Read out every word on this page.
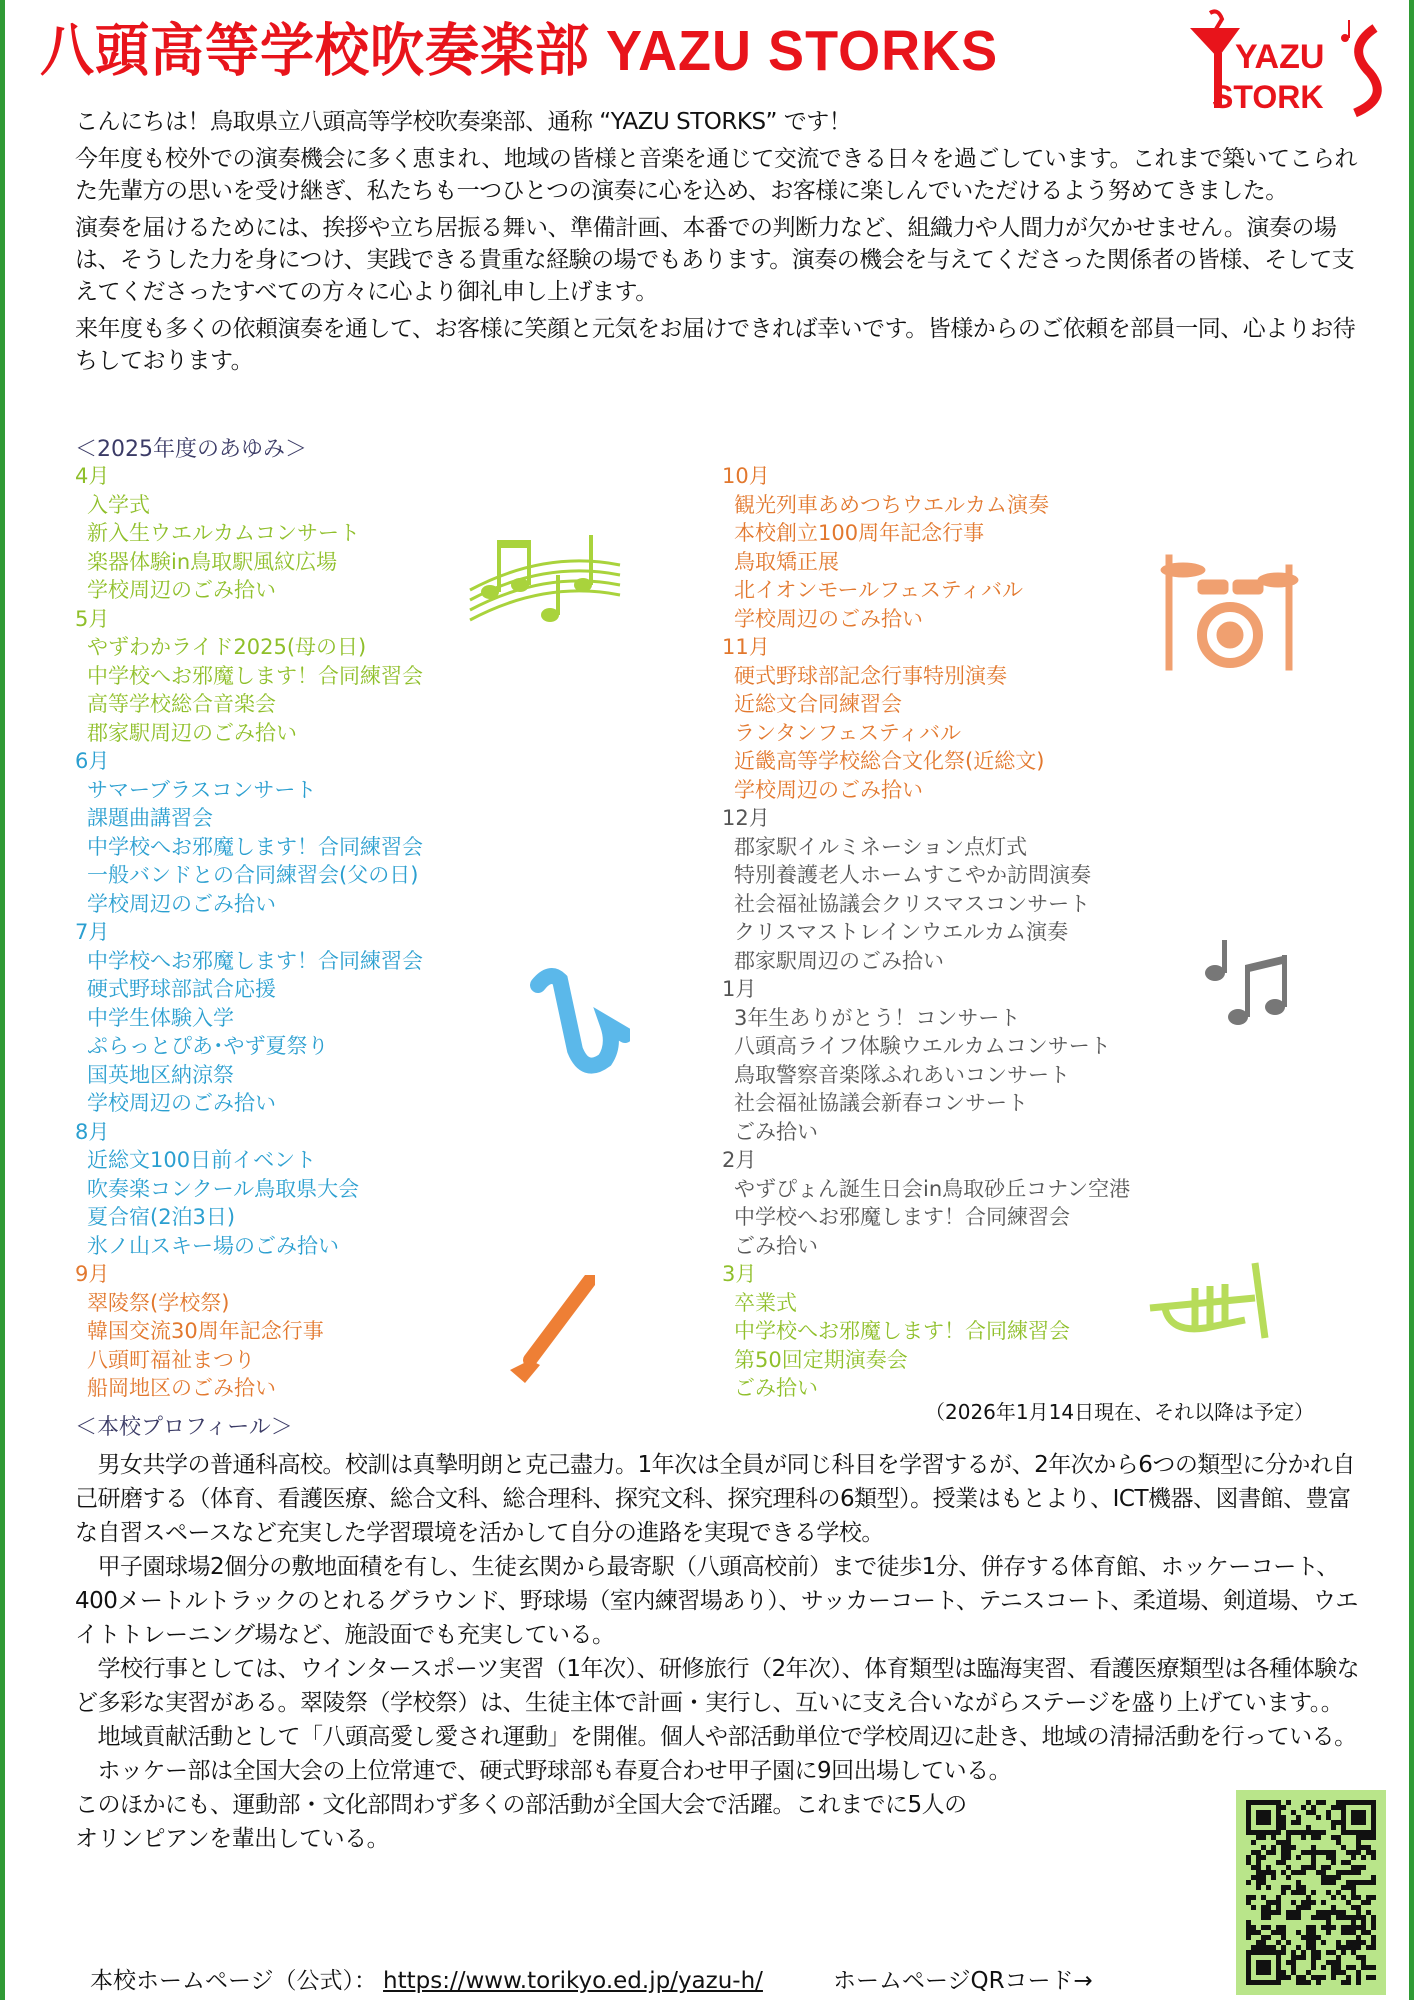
八頭高等学校吹奏楽部 YAZU STORKS	YAZU
STORK

こんにちは！鳥取県立八頭高等学校吹奏楽部、通称 “YAZU STORKS” です！

今年度も校外での演奏機会に多く恵まれ、地域の皆様と音楽を通じて交流できる日々を過ごしています。これまで築いてこられた先輩方の思いを受け継ぎ、私たちも一つひとつの演奏に心を込め、お客様に楽しんでいただけるよう努めてきました。

演奏を届けるためには、挨拶や立ち居振る舞い、準備計画、本番での判断力など、組織力や人間力が欠かせません。演奏の場は、そうした力を身につけ、実践できる貴重な経験の場でもあります。演奏の機会を与えてくださった関係者の皆様、そして支えてくださったすべての方々に心より御礼申し上げます。

来年度も多くの依頼演奏を通して、お客様に笑顔と元気をお届けできれば幸いです。皆様からのご依頼を部員一同、心よりお待ちしております。

＜2025年度のあゆみ＞
4月
入学式
新入生ウエルカムコンサート
楽器体験in鳥取駅風紋広場
学校周辺のごみ拾い
5月
やずわかライド2025(母の日)
中学校へお邪魔します！合同練習会
高等学校総合音楽会
郡家駅周辺のごみ拾い
6月
サマーブラスコンサート
課題曲講習会
中学校へお邪魔します！合同練習会
一般バンドとの合同練習会(父の日)
学校周辺のごみ拾い
7月
中学校へお邪魔します！合同練習会
硬式野球部試合応援
中学生体験入学
ぷらっとぴあ･やず夏祭り
国英地区納涼祭
学校周辺のごみ拾い
8月
近総文100日前イベント
吹奏楽コンクール鳥取県大会
夏合宿(2泊3日)
氷ノ山スキー場のごみ拾い
9月
翠陵祭(学校祭)
韓国交流30周年記念行事
八頭町福祉まつり
船岡地区のごみ拾い
10月
観光列車あめつちウエルカム演奏
本校創立100周年記念行事
鳥取矯正展
北イオンモールフェスティバル
学校周辺のごみ拾い
11月
硬式野球部記念行事特別演奏
近総文合同練習会
ランタンフェスティバル
近畿高等学校総合文化祭(近総文)
学校周辺のごみ拾い
12月
郡家駅イルミネーション点灯式
特別養護老人ホームすこやか訪問演奏
社会福祉協議会クリスマスコンサート
クリスマストレインウエルカム演奏
郡家駅周辺のごみ拾い
1月
3年生ありがとう！コンサート
八頭高ライフ体験ウエルカムコンサート
鳥取警察音楽隊ふれあいコンサート
社会福祉協議会新春コンサート
ごみ拾い
2月
やずぴょん誕生日会in鳥取砂丘コナン空港
中学校へお邪魔します！合同練習会
ごみ拾い
3月
卒業式
中学校へお邪魔します！合同練習会
第50回定期演奏会
ごみ拾い
（2026年1月14日現在、それ以降は予定）
＜本校プロフィール＞

　男女共学の普通科高校。校訓は真摯明朗と克己盡力。1年次は全員が同じ科目を学習するが、2年次から6つの類型に分かれ自己研磨する（体育、看護医療、総合文科、総合理科、探究文科、探究理科の6類型）。授業はもとより、ICT機器、図書館、豊富な自習スペースなど充実した学習環境を活かして自分の進路を実現できる学校。

　甲子園球場2個分の敷地面積を有し、生徒玄関から最寄駅（八頭高校前）まで徒歩1分、併存する体育館、ホッケーコート、400メートルトラックのとれるグラウンド、野球場（室内練習場あり）、サッカーコート、テニスコート、柔道場、剣道場、ウエイトトレーニング場など、施設面でも充実している。

　学校行事としては、ウインタースポーツ実習（1年次）、研修旅行（2年次）、体育類型は臨海実習、看護医療類型は各種体験など多彩な実習がある。翠陵祭（学校祭）は、生徒主体で計画・実行し、互いに支え合いながらステージを盛り上げています。。

　地域貢献活動として「八頭高愛し愛され運動」を開催。個人や部活動単位で学校周辺に赴き、地域の清掃活動を行っている。

　ホッケー部は全国大会の上位常連で、硬式野球部も春夏合わせ甲子園に9回出場している。
このほかにも、運動部・文化部問わず多くの部活動が全国大会で活躍。これまでに5人の
オリンピアンを輩出している。

本校ホームページ（公式）： https://www.torikyo.ed.jp/yazu-h/	ホームページQRコード→
